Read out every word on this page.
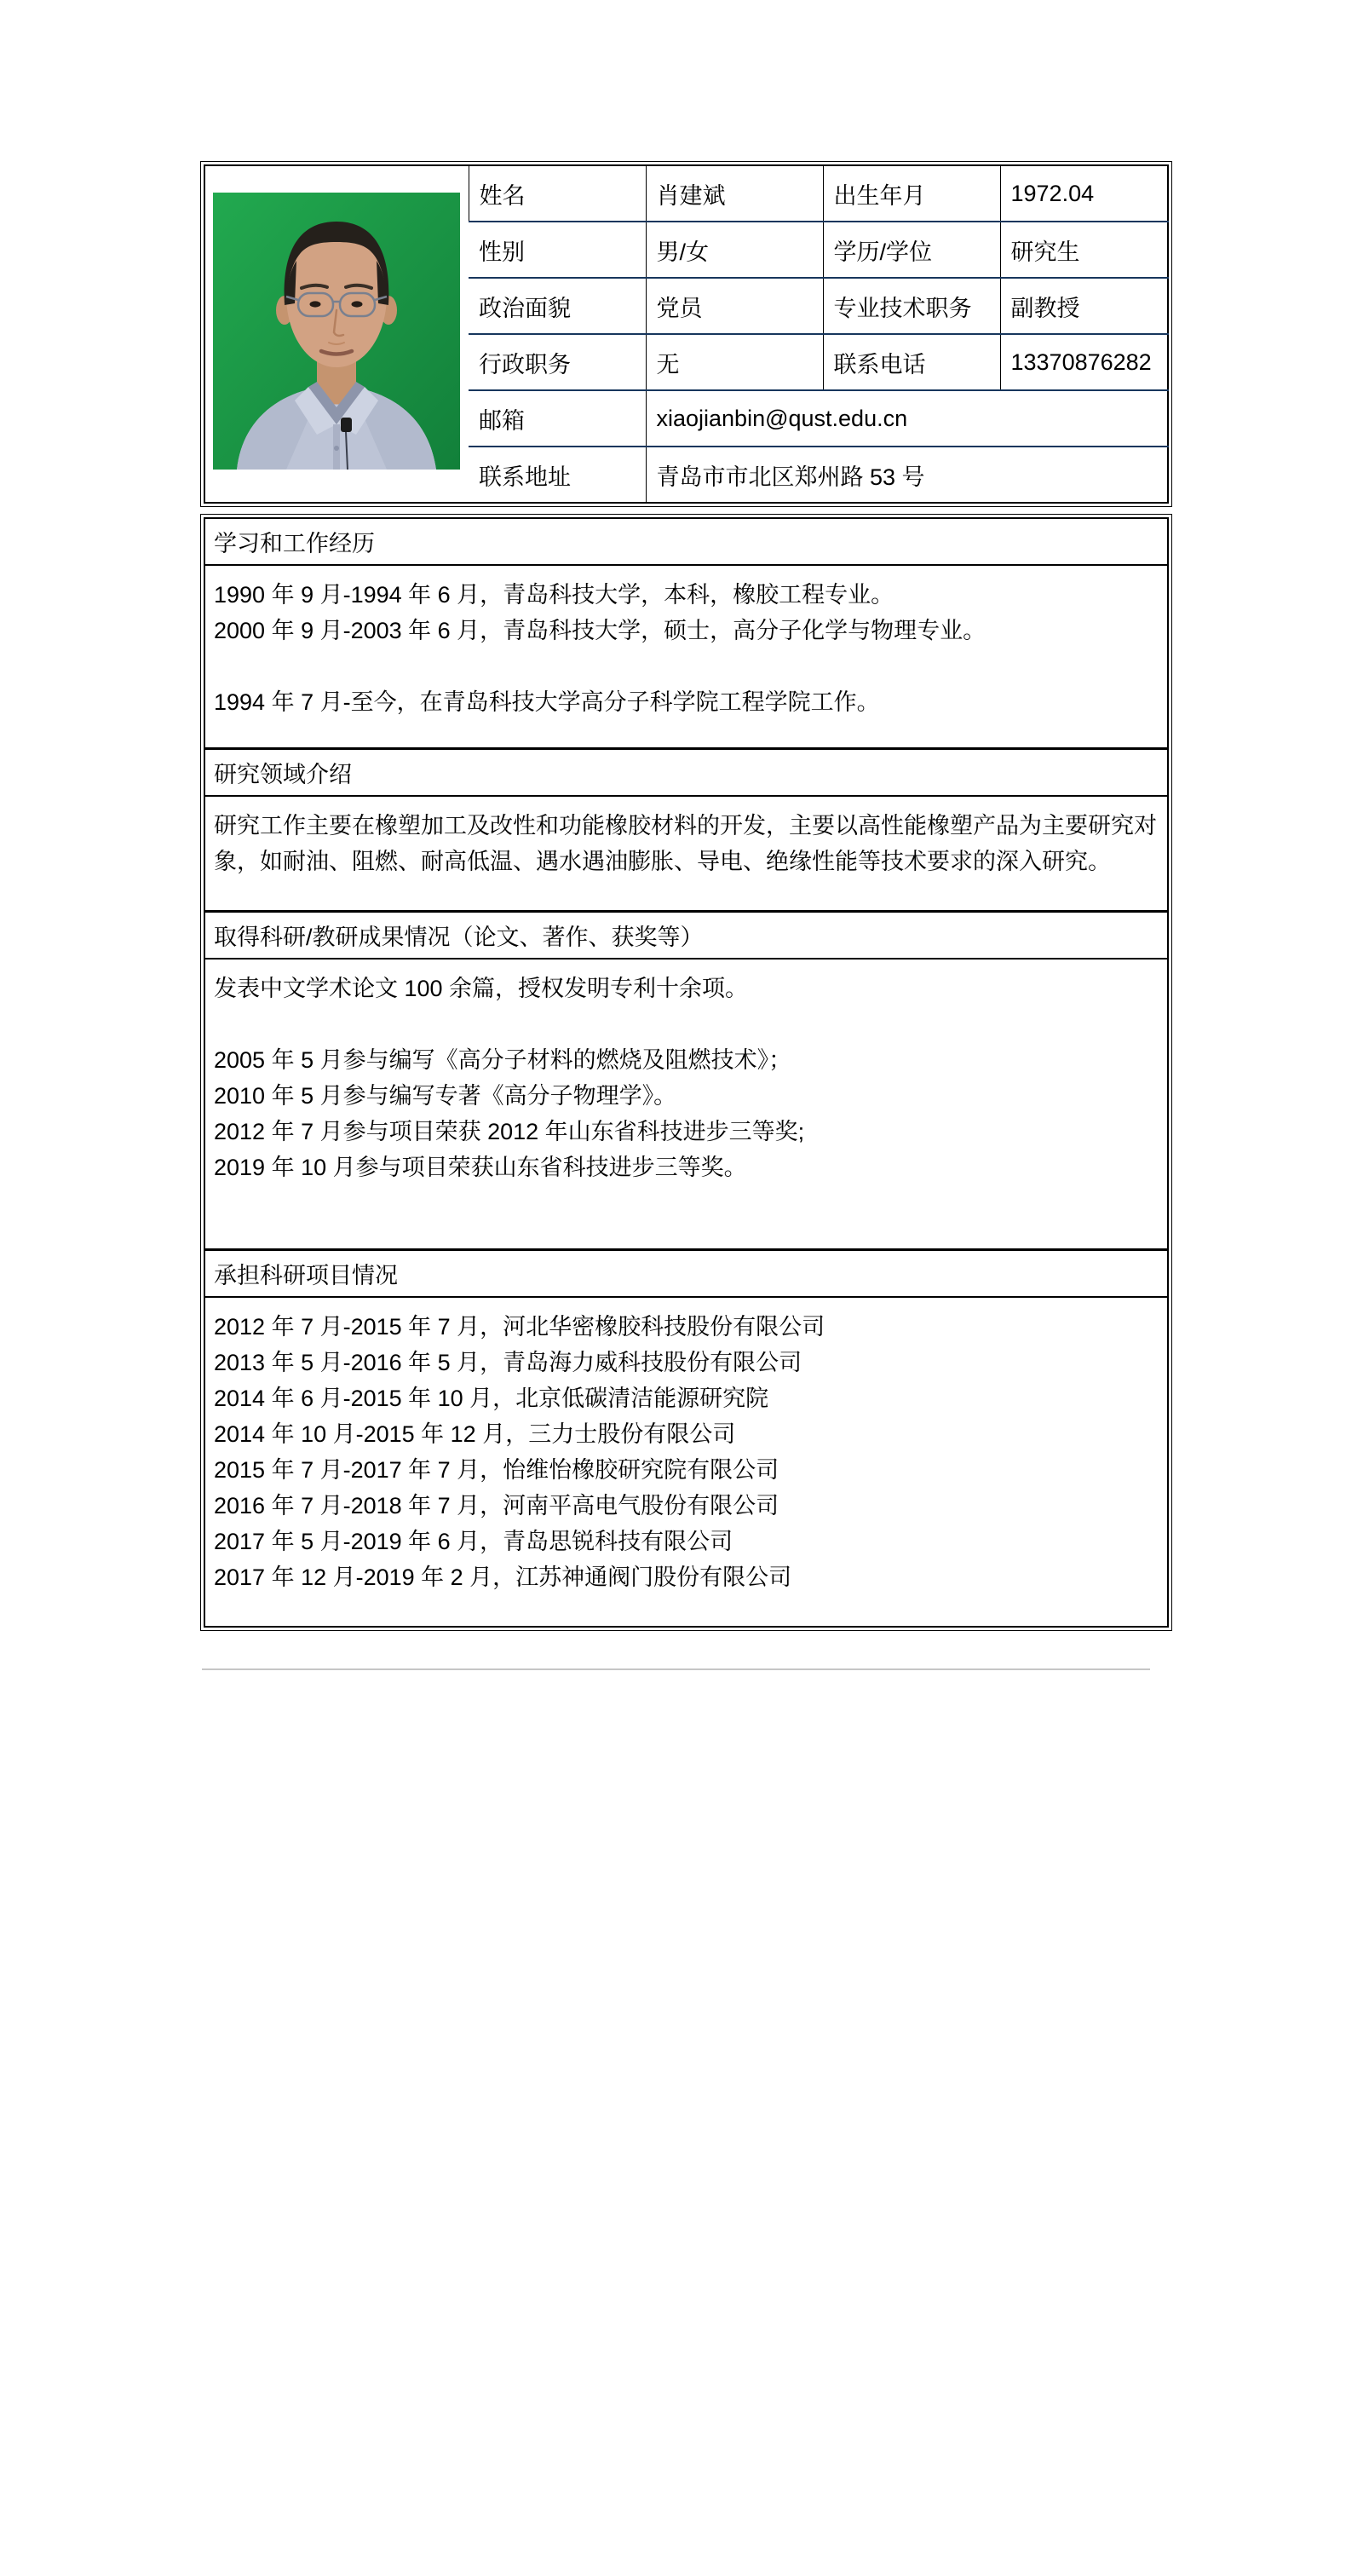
	姓名	肖建斌	出生年月	1972.04
	性别	男/女	学历/学位	研究生
	政治面貌	党员	专业技术职务	副教授
	行政职务	无	联系电话	13370876282
	邮箱	xiaojianbin@qust.edu.cn		
	联系地址	青岛市市北区郑州路 53 号		
学习和工作经历
1990 年 9 月-1994 年 6 月，青岛科技大学，本科，橡胶工程专业。
2000 年 9 月-2003 年 6 月，青岛科技大学，硕士，高分子化学与物理专业。

1994 年 7 月-至今，在青岛科技大学高分子科学院工程学院工作。
研究领域介绍
研究工作主要在橡塑加工及改性和功能橡胶材料的开发，主要以高性能橡塑产品为主要研究对象，如耐油、阻燃、耐高低温、遇水遇油膨胀、导电、绝缘性能等技术要求的深入研究。
取得科研/教研成果情况（论文、著作、获奖等）
发表中文学术论文 100 余篇，授权发明专利十余项。

2005 年 5 月参与编写《高分子材料的燃烧及阻燃技术》；
2010 年 5 月参与编写专著《高分子物理学》。
2012 年 7 月参与项目荣获 2012 年山东省科技进步三等奖;
2019 年 10 月参与项目荣获山东省科技进步三等奖。
承担科研项目情况
2012 年 7 月-2015 年 7 月，河北华密橡胶科技股份有限公司
2013 年 5 月-2016 年 5 月，青岛海力威科技股份有限公司
2014 年 6 月-2015 年 10 月，北京低碳清洁能源研究院
2014 年 10 月-2015 年 12 月，三力士股份有限公司
2015 年 7 月-2017 年 7 月，怡维怡橡胶研究院有限公司
2016 年 7 月-2018 年 7 月，河南平高电气股份有限公司
2017 年 5 月-2019 年 6 月，青岛思锐科技有限公司
2017 年 12 月-2019 年 2 月，江苏神通阀门股份有限公司
